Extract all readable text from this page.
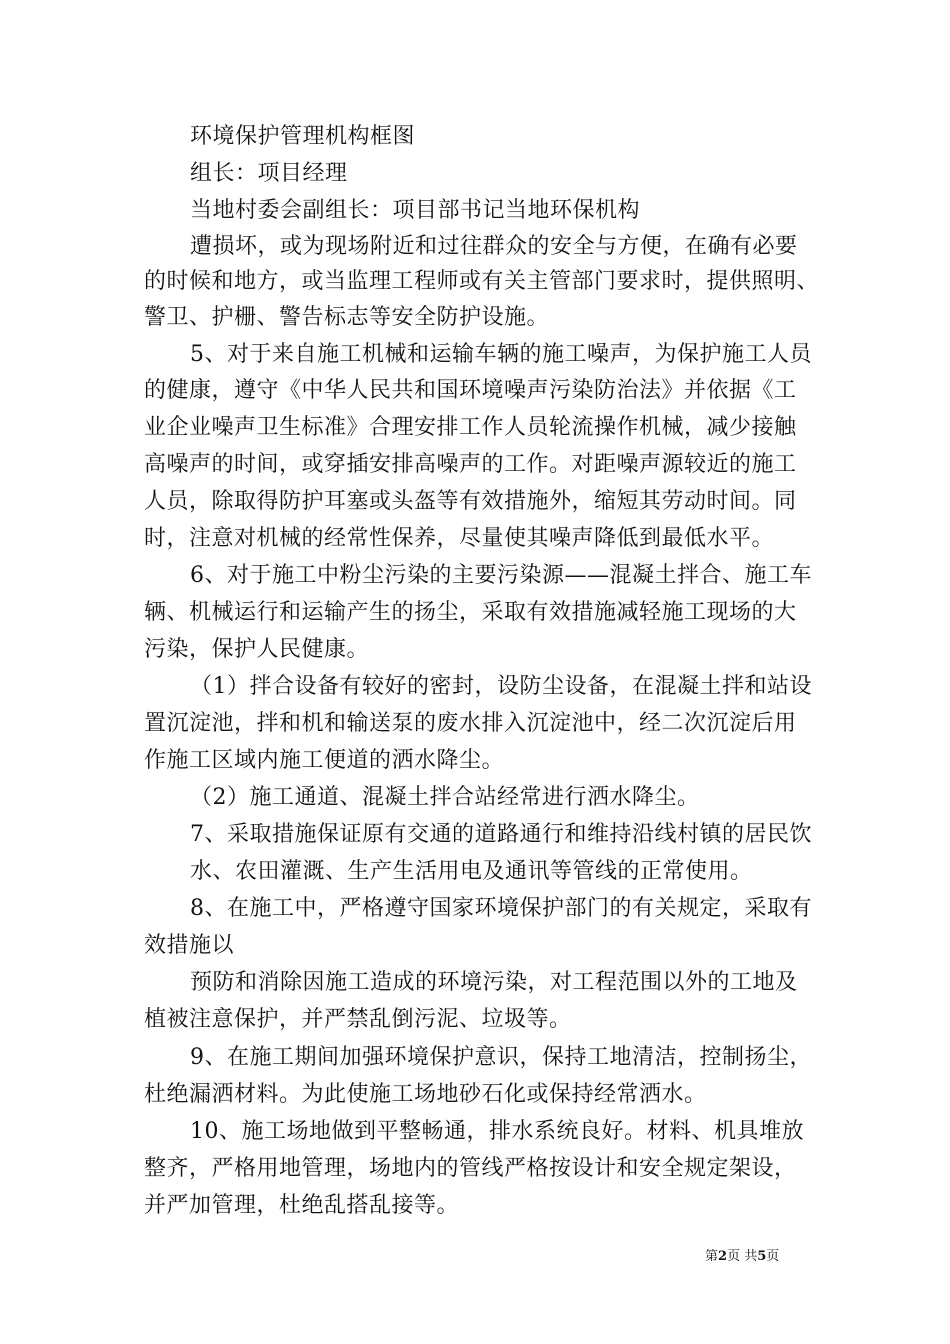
环境保护管理机构框图
组长：项目经理
当地村委会副组长：项目部书记当地环保机构
遭损坏，或为现场附近和过往群众的安全与方便，在确有必要
的时候和地方，或当监理工程师或有关主管部门要求时，提供照明、
警卫、护栅、警告标志等安全防护设施。
5、对于来自施工机械和运输车辆的施工噪声，为保护施工人员
的健康，遵守《中华人民共和国环境噪声污染防治法》并依据《工
业企业噪声卫生标准》合理安排工作人员轮流操作机械，减少接触
高噪声的时间，或穿插安排高噪声的工作。对距噪声源较近的施工
人员，除取得防护耳塞或头盔等有效措施外，缩短其劳动时间。同
时，注意对机械的经常性保养，尽量使其噪声降低到最低水平。
6、对于施工中粉尘污染的主要污染源——混凝土拌合、施工车
辆、机械运行和运输产生的扬尘，采取有效措施减轻施工现场的大
污染，保护人民健康。
（1）拌合设备有较好的密封，设防尘设备，在混凝土拌和站设
置沉淀池，拌和机和输送泵的废水排入沉淀池中，经二次沉淀后用
作施工区域内施工便道的洒水降尘。
（2）施工通道、混凝土拌合站经常进行洒水降尘。
7、采取措施保证原有交通的道路通行和维持沿线村镇的居民饮
水、农田灌溉、生产生活用电及通讯等管线的正常使用。
8、在施工中，严格遵守国家环境保护部门的有关规定，采取有
效措施以
预防和消除因施工造成的环境污染，对工程范围以外的工地及
植被注意保护，并严禁乱倒污泥、垃圾等。
9、在施工期间加强环境保护意识，保持工地清洁，控制扬尘，
杜绝漏洒材料。为此使施工场地砂石化或保持经常洒水。
10、施工场地做到平整畅通，排水系统良好。材料、机具堆放
整齐，严格用地管理，场地内的管线严格按设计和安全规定架设，
并严加管理，杜绝乱搭乱接等。
第2页 共5页
